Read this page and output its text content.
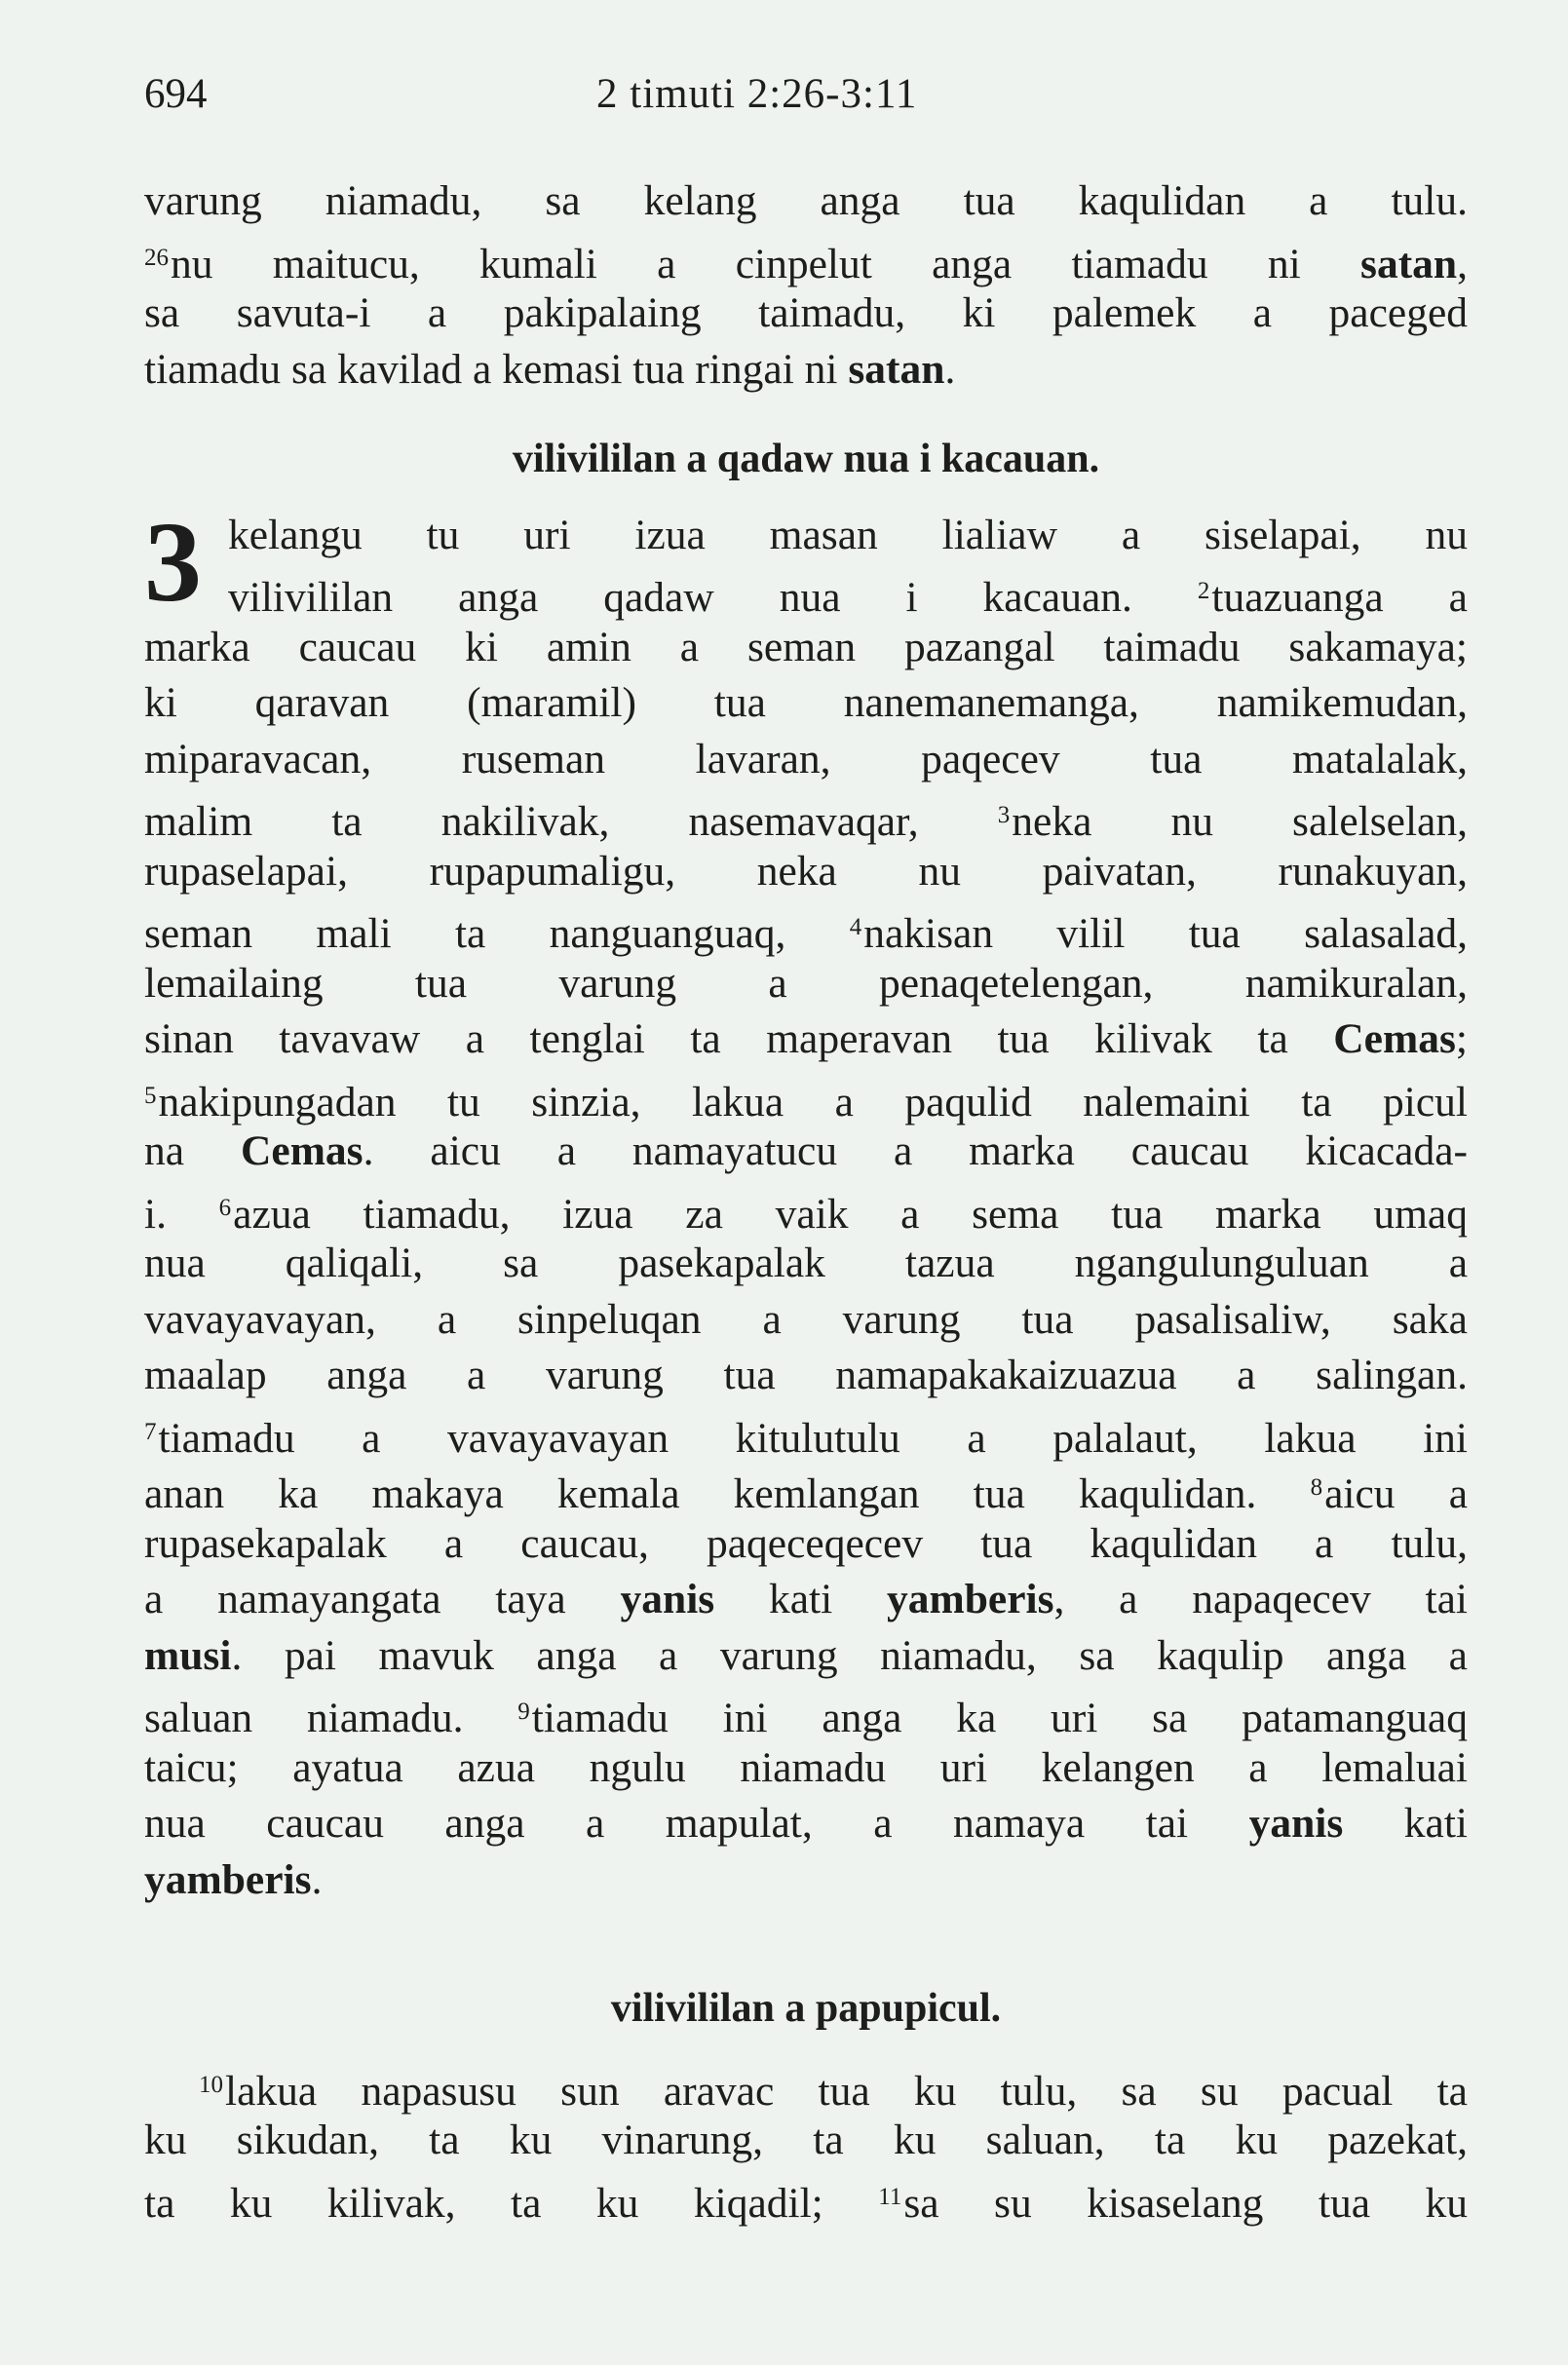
694	2 timuti 2:26-3:11
varung niamadu, sa kelang anga tua kaqulidan a tulu.
$^{26}$nu maitucu, kumali a cinpelut anga tiamadu ni satan,
sa savuta-i a pakipalaing taimadu, ki palemek a paceged
tiamadu sa kavilad a kemasi tua ringai ni satan.
vilivililan a qadaw nua i kacauan.
3 kelangu tu uri izua masan lialiaw a siselapai, nu
vilivililan anga qadaw nua i kacauan. $^2$tuazuanga a
marka caucau ki amin a seman pazangal taimadu sakamaya;
ki qaravan (maramil) tua nanemanemanga, namikemudan,
miparavacan, ruseman lavaran, paqecev tua matalalak,
malim ta nakilivak, nasemavaqar, $^3$neka nu salelselan,
rupaselapai, rupapumaligu, neka nu paivatan, runakuyan,
seman mali ta nanguanguaq, $^4$nakisan vilil tua salasalad,
lemailaing tua varung a penaqetelengan, namikuralan,
sinan tavavaw a tenglai ta maperavan tua kilivak ta Cemas;
$^5$nakipungadan tu sinzia, lakua a paqulid nalemaini ta picul
na Cemas. aicu a namayatucu a marka caucau kicacada-
i. $^6$azua tiamadu, izua za vaik a sema tua marka umaq
nua qaliqali, sa pasekapalak tazua ngangulunguluan a
vavayavayan, a sinpeluqan a varung tua pasalisaliw, saka
maalap anga a varung tua namapakakaizuazua a salingan.
$^7$tiamadu a vavayavayan kitulutulu a palalaut, lakua ini
anan ka makaya kemala kemlangan tua kaqulidan. $^8$aicu a
rupasekapalak a caucau, paqeceqecev tua kaqulidan a tulu,
a namayangata taya yanis kati yamberis, a napaqecev tai
musi. pai mavuk anga a varung niamadu, sa kaqulip anga a
saluan niamadu. $^9$tiamadu ini anga ka uri sa patamanguaq
taicu; ayatua azua ngulu niamadu uri kelangen a lemaluai
nua caucau anga a mapulat, a namaya tai yanis kati
yamberis.
vilivililan a papupicul.
$^{10}$lakua napasusu sun aravac tua ku tulu, sa su pacual ta
ku sikudan, ta ku vinarung, ta ku saluan, ta ku pazekat,
ta ku kilivak, ta ku kiqadil; $^{11}$sa su kisaselang tua ku
